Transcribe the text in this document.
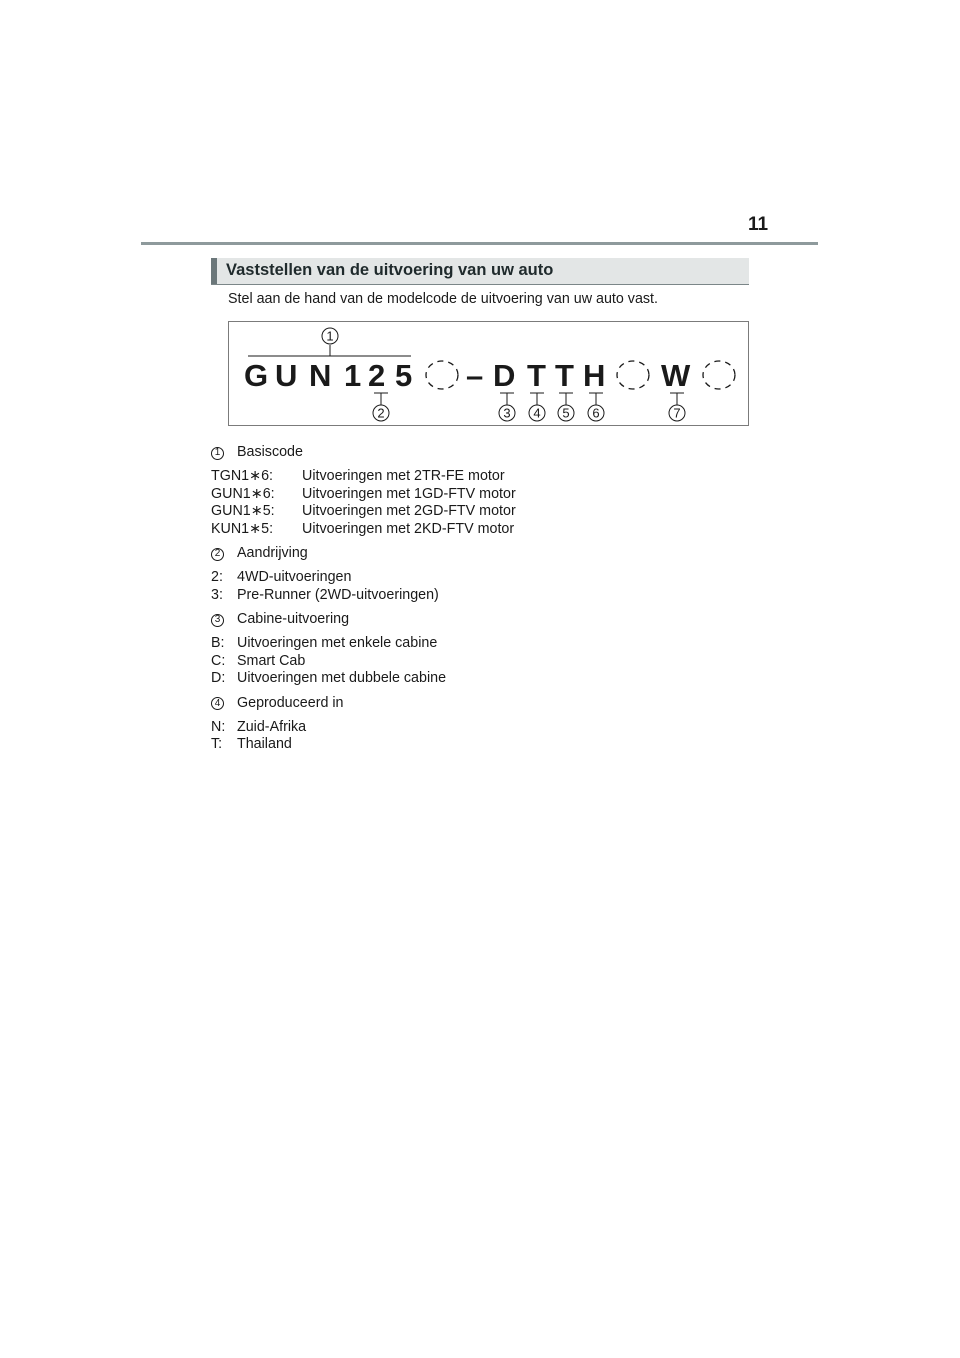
11
Vaststellen van de uitvoering van uw auto
Stel aan de hand van de modelcode de uitvoering van uw auto vast.
1
G U N 1 2 5 – D T T H W
2	3 4 5 6	7
1 Basiscode
TGN1∗6:	Uitvoeringen met 2TR-FE motor
GUN1∗6:	Uitvoeringen met 1GD-FTV motor
GUN1∗5:	Uitvoeringen met 2GD-FTV motor
KUN1∗5:	Uitvoeringen met 2KD-FTV motor
2 Aandrijving
2: 4WD-uitvoeringen
3: Pre-Runner (2WD-uitvoeringen)
3 Cabine-uitvoering
B: Uitvoeringen met enkele cabine
C: Smart Cab
D: Uitvoeringen met dubbele cabine
4 Geproduceerd in
N: Zuid-Afrika
T:	Thailand
